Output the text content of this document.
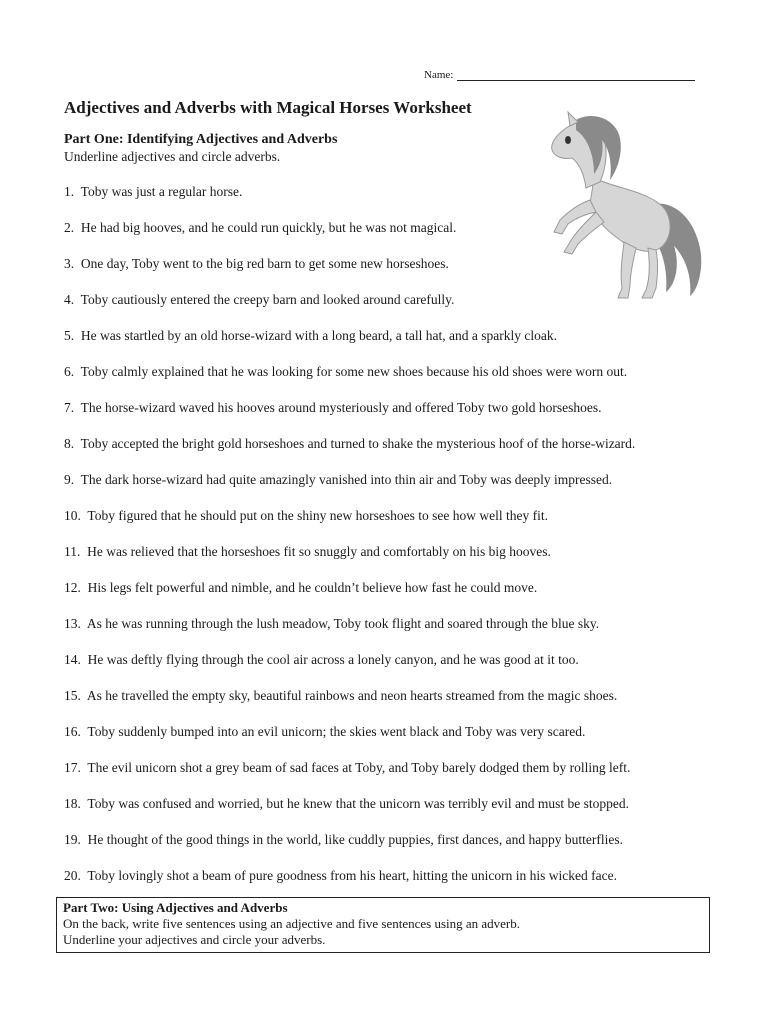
Name:
Adjectives and Adverbs with Magical Horses Worksheet
Part One: Identifying Adjectives and Adverbs

Underline adjectives and circle adverbs.

1. Toby was just a regular horse.
2. He had big hooves, and he could run quickly, but he was not magical.
3. One day, Toby went to the big red barn to get some new horseshoes.
4. Toby cautiously entered the creepy barn and looked around carefully.
5. He was startled by an old horse-wizard with a long beard, a tall hat, and a sparkly cloak.
6. Toby calmly explained that he was looking for some new shoes because his old shoes were worn out.
7. The horse-wizard waved his hooves around mysteriously and offered Toby two gold horseshoes.
8. Toby accepted the bright gold horseshoes and turned to shake the mysterious hoof of the horse-wizard.
9. The dark horse-wizard had quite amazingly vanished into thin air and Toby was deeply impressed.
10. Toby figured that he should put on the shiny new horseshoes to see how well they fit.
11. He was relieved that the horseshoes fit so snuggly and comfortably on his big hooves.
12. His legs felt powerful and nimble, and he couldn’t believe how fast he could move.
13. As he was running through the lush meadow, Toby took flight and soared through the blue sky.
14. He was deftly flying through the cool air across a lonely canyon, and he was good at it too.
15. As he travelled the empty sky, beautiful rainbows and neon hearts streamed from the magic shoes.
16. Toby suddenly bumped into an evil unicorn; the skies went black and Toby was very scared.
17. The evil unicorn shot a grey beam of sad faces at Toby, and Toby barely dodged them by rolling left.
18. Toby was confused and worried, but he knew that the unicorn was terribly evil and must be stopped.
19. He thought of the good things in the world, like cuddly puppies, first dances, and happy butterflies.
20. Toby lovingly shot a beam of pure goodness from his heart, hitting the unicorn in his wicked face.
Part Two: Using Adjectives and Adverbs
On the back, write five sentences using an adjective and five sentences using an adverb.
Underline your adjectives and circle your adverbs.
